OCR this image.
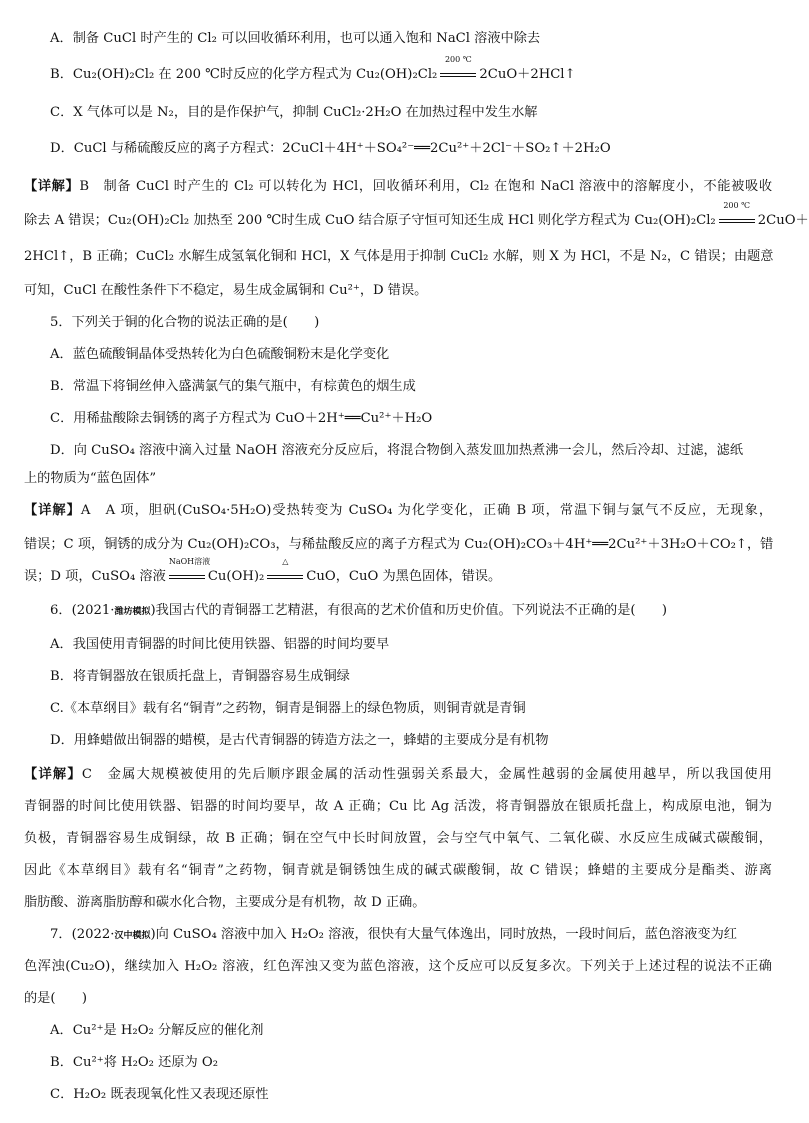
A．制备 CuCl 时产生的 Cl₂ 可以回收循环利用，也可以通入饱和 NaCl 溶液中除去
B．Cu₂(OH)₂Cl₂ 在 200 ℃时反应的化学方程式为 Cu₂(OH)₂Cl₂
200 ℃
2CuO＋2HCl↑
C．X 气体可以是 N₂，目的是作保护气，抑制 CuCl₂·2H₂O 在加热过程中发生水解
D．CuCl 与稀硫酸反应的离子方程式：2CuCl＋4H⁺＋SO₄²⁻══2Cu²⁺＋2Cl⁻＋SO₂↑＋2H₂O
【详解】B　制备 CuCl 时产生的 Cl₂ 可以转化为 HCl，回收循环利用，Cl₂ 在饱和 NaCl 溶液中的溶解度小，不能被吸收
除去 A 错误；Cu₂(OH)₂Cl₂ 加热至 200 ℃时生成 CuO 结合原子守恒可知还生成 HCl 则化学方程式为 Cu₂(OH)₂Cl₂
200 ℃
2CuO＋
2HCl↑，B 正确；CuCl₂ 水解生成氢氧化铜和 HCl，X 气体是用于抑制 CuCl₂ 水解，则 X 为 HCl，不是 N₂，C 错误；由题意
可知，CuCl 在酸性条件下不稳定，易生成金属铜和 Cu²⁺，D 错误。
5．下列关于铜的化合物的说法正确的是(　　)
A．蓝色硫酸铜晶体受热转化为白色硫酸铜粉末是化学变化
B．常温下将铜丝伸入盛满氯气的集气瓶中，有棕黄色的烟生成
C．用稀盐酸除去铜锈的离子方程式为 CuO＋2H⁺══Cu²⁺＋H₂O
D．向 CuSO₄ 溶液中滴入过量 NaOH 溶液充分反应后，将混合物倒入蒸发皿加热煮沸一会儿，然后冷却、过滤，滤纸
上的物质为“蓝色固体”
【详解】A　A 项，胆矾(CuSO₄·5H₂O)受热转变为 CuSO₄ 为化学变化，正确 B 项，常温下铜与氯气不反应，无现象，
错误；C 项，铜锈的成分为 Cu₂(OH)₂CO₃，与稀盐酸反应的离子方程式为 Cu₂(OH)₂CO₃＋4H⁺══2Cu²⁺＋3H₂O＋CO₂↑，错
误；D 项，CuSO₄ 溶液
NaOH溶液
Cu(OH)₂
△
CuO，CuO 为黑色固体，错误。
6．(2021·潍坊模拟)我国古代的青铜器工艺精湛，有很高的艺术价值和历史价值。下列说法不正确的是(　　)
A．我国使用青铜器的时间比使用铁器、铝器的时间均要早
B．将青铜器放在银质托盘上，青铜器容易生成铜绿
C.《本草纲目》载有名“铜青”之药物，铜青是铜器上的绿色物质，则铜青就是青铜
D．用蜂蜡做出铜器的蜡模，是古代青铜器的铸造方法之一，蜂蜡的主要成分是有机物
【详解】C　金属大规模被使用的先后顺序跟金属的活动性强弱关系最大，金属性越弱的金属使用越早，所以我国使用
青铜器的时间比使用铁器、铝器的时间均要早，故 A 正确；Cu 比 Ag 活泼，将青铜器放在银质托盘上，构成原电池，铜为
负极，青铜器容易生成铜绿，故 B 正确；铜在空气中长时间放置，会与空气中氧气、二氧化碳、水反应生成碱式碳酸铜，
因此《本草纲目》载有名“铜青”之药物，铜青就是铜锈蚀生成的碱式碳酸铜，故 C 错误；蜂蜡的主要成分是酯类、游离
脂肪酸、游离脂肪醇和碳水化合物，主要成分是有机物，故 D 正确。
7．(2022·汉中模拟)向 CuSO₄ 溶液中加入 H₂O₂ 溶液，很快有大量气体逸出，同时放热，一段时间后，蓝色溶液变为红
色浑浊(Cu₂O)，继续加入 H₂O₂ 溶液，红色浑浊又变为蓝色溶液，这个反应可以反复多次。下列关于上述过程的说法不正确
的是(　　)
A．Cu²⁺是 H₂O₂ 分解反应的催化剂
B．Cu²⁺将 H₂O₂ 还原为 O₂
C．H₂O₂ 既表现氧化性又表现还原性
